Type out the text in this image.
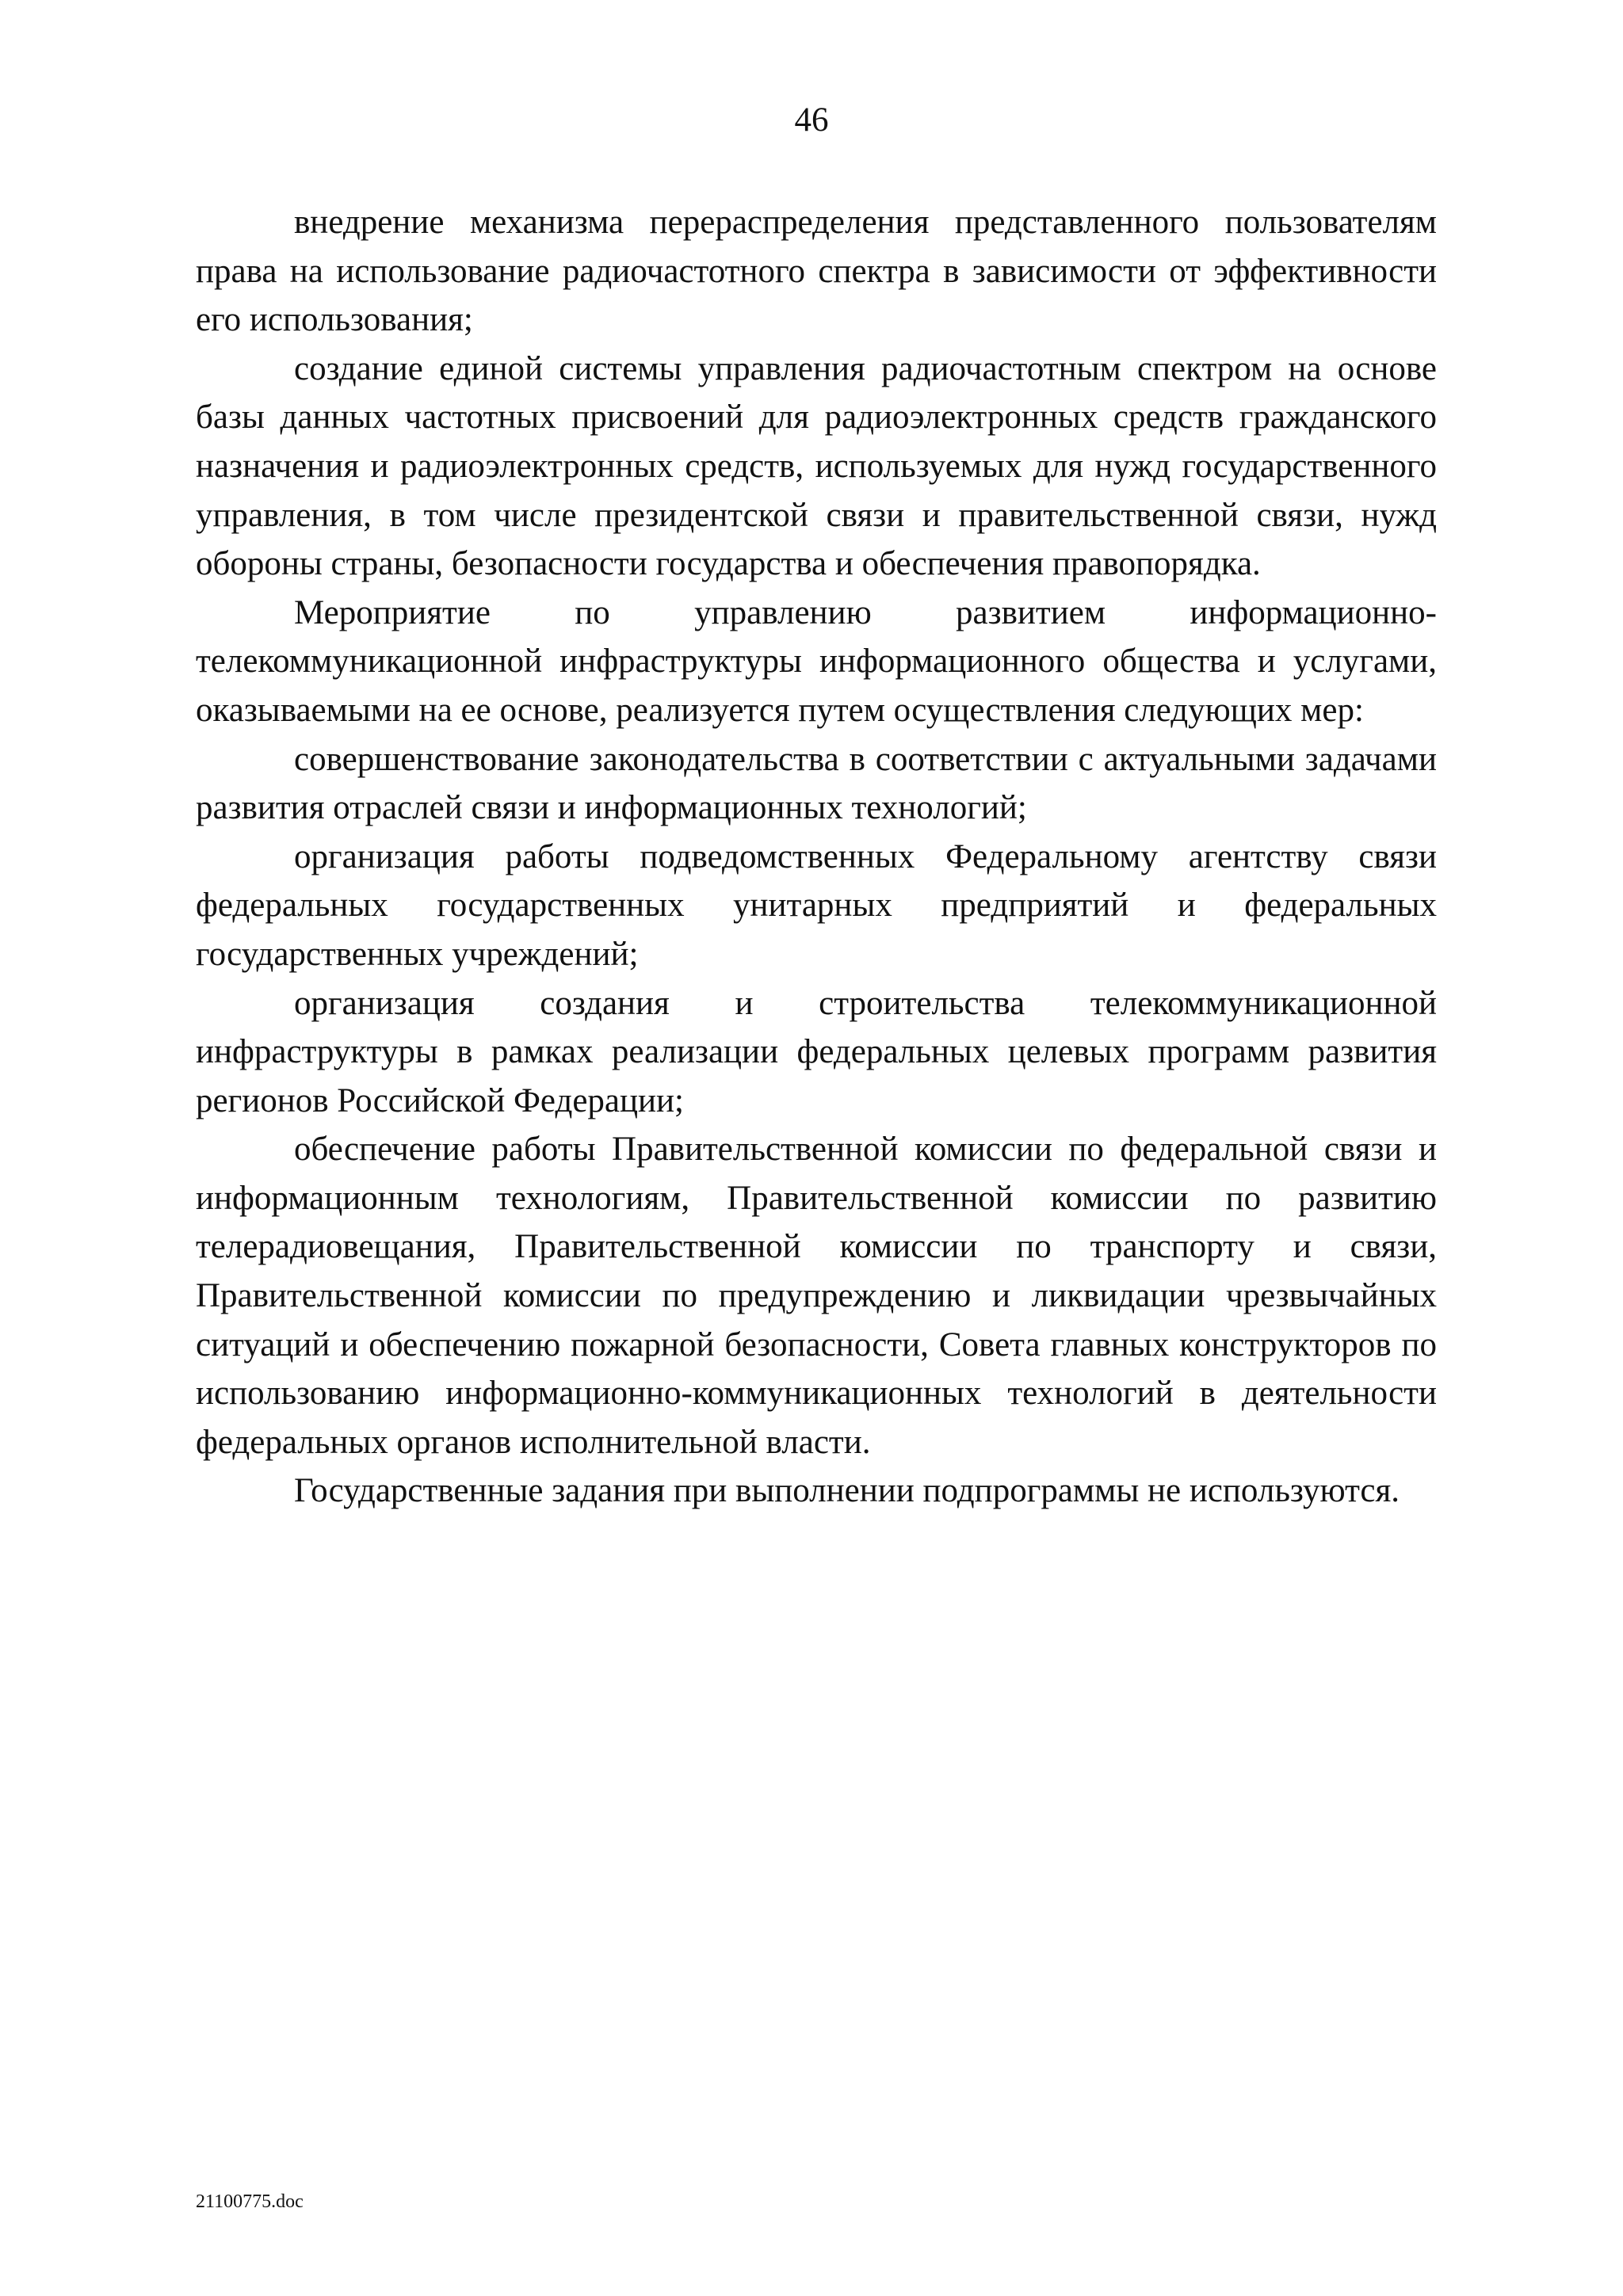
46

внедрение механизма перераспределения представленного пользователям права на использование радиочастотного спектра в зависимости от эффективности его использования;

создание единой системы управления радиочастотным спектром на основе базы данных частотных присвоений для радиоэлектронных средств гражданского назначения и радиоэлектронных средств, используемых для нужд государственного управления, в том числе президентской связи и правительственной связи, нужд обороны страны, безопасности государства и обеспечения правопорядка.

Мероприятие по управлению развитием информационно-телекоммуникационной инфраструктуры информационного общества и услугами, оказываемыми на ее основе, реализуется путем осуществления следующих мер:

совершенствование законодательства в соответствии с актуальными задачами развития отраслей связи и информационных технологий;

организация работы подведомственных Федеральному агентству связи федеральных государственных унитарных предприятий и федеральных государственных учреждений;

организация создания и строительства телекоммуникационной инфраструктуры в рамках реализации федеральных целевых программ развития регионов Российской Федерации;

обеспечение работы Правительственной комиссии по федеральной связи и информационным технологиям, Правительственной комиссии по развитию телерадиовещания, Правительственной комиссии по транспорту и связи, Правительственной комиссии по предупреждению и ликвидации чрезвычайных ситуаций и обеспечению пожарной безопасности, Совета главных конструкторов по использованию информационно-коммуникационных технологий в деятельности федеральных органов исполнительной власти.

Государственные задания при выполнении подпрограммы не используются.

21100775.doc
